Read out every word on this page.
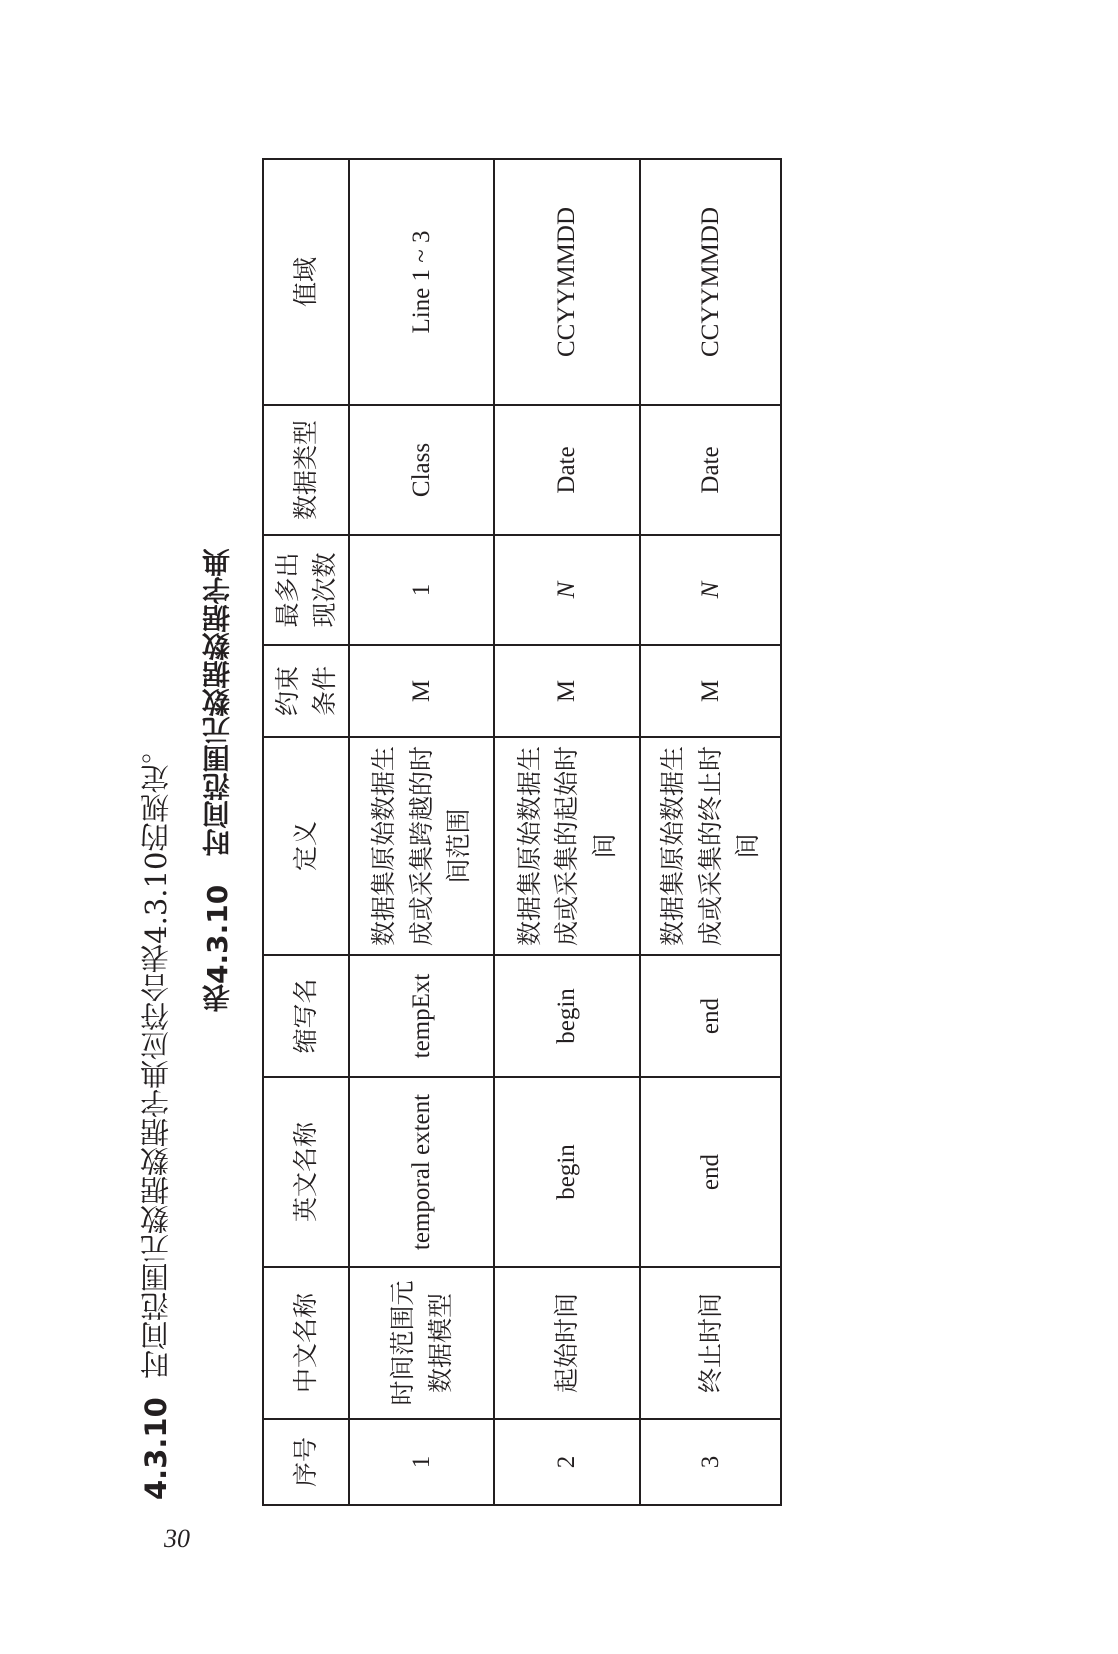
30
4.3.10  时间范围元数据数据字典应符合表4.3.10的规定。 表4.3.10　时间范围元数据数据字典
序号	中文名称	英文名称	缩写名	定义	约束条件	最多出现次数	数据类型	值域
1	时间范围元数据模型	temporal extent	tempExt	数据集原始数据生成或采集跨越的时间范围	M	1	Class	Line 1 ~ 3
2	起始时间	begin	begin	数据集原始数据生成或采集的起始时间	M	N	Date	CCYYMMDD
3	终止时间	end	end	数据集原始数据生成或采集的终止时间	M	N	Date	CCYYMMDD
